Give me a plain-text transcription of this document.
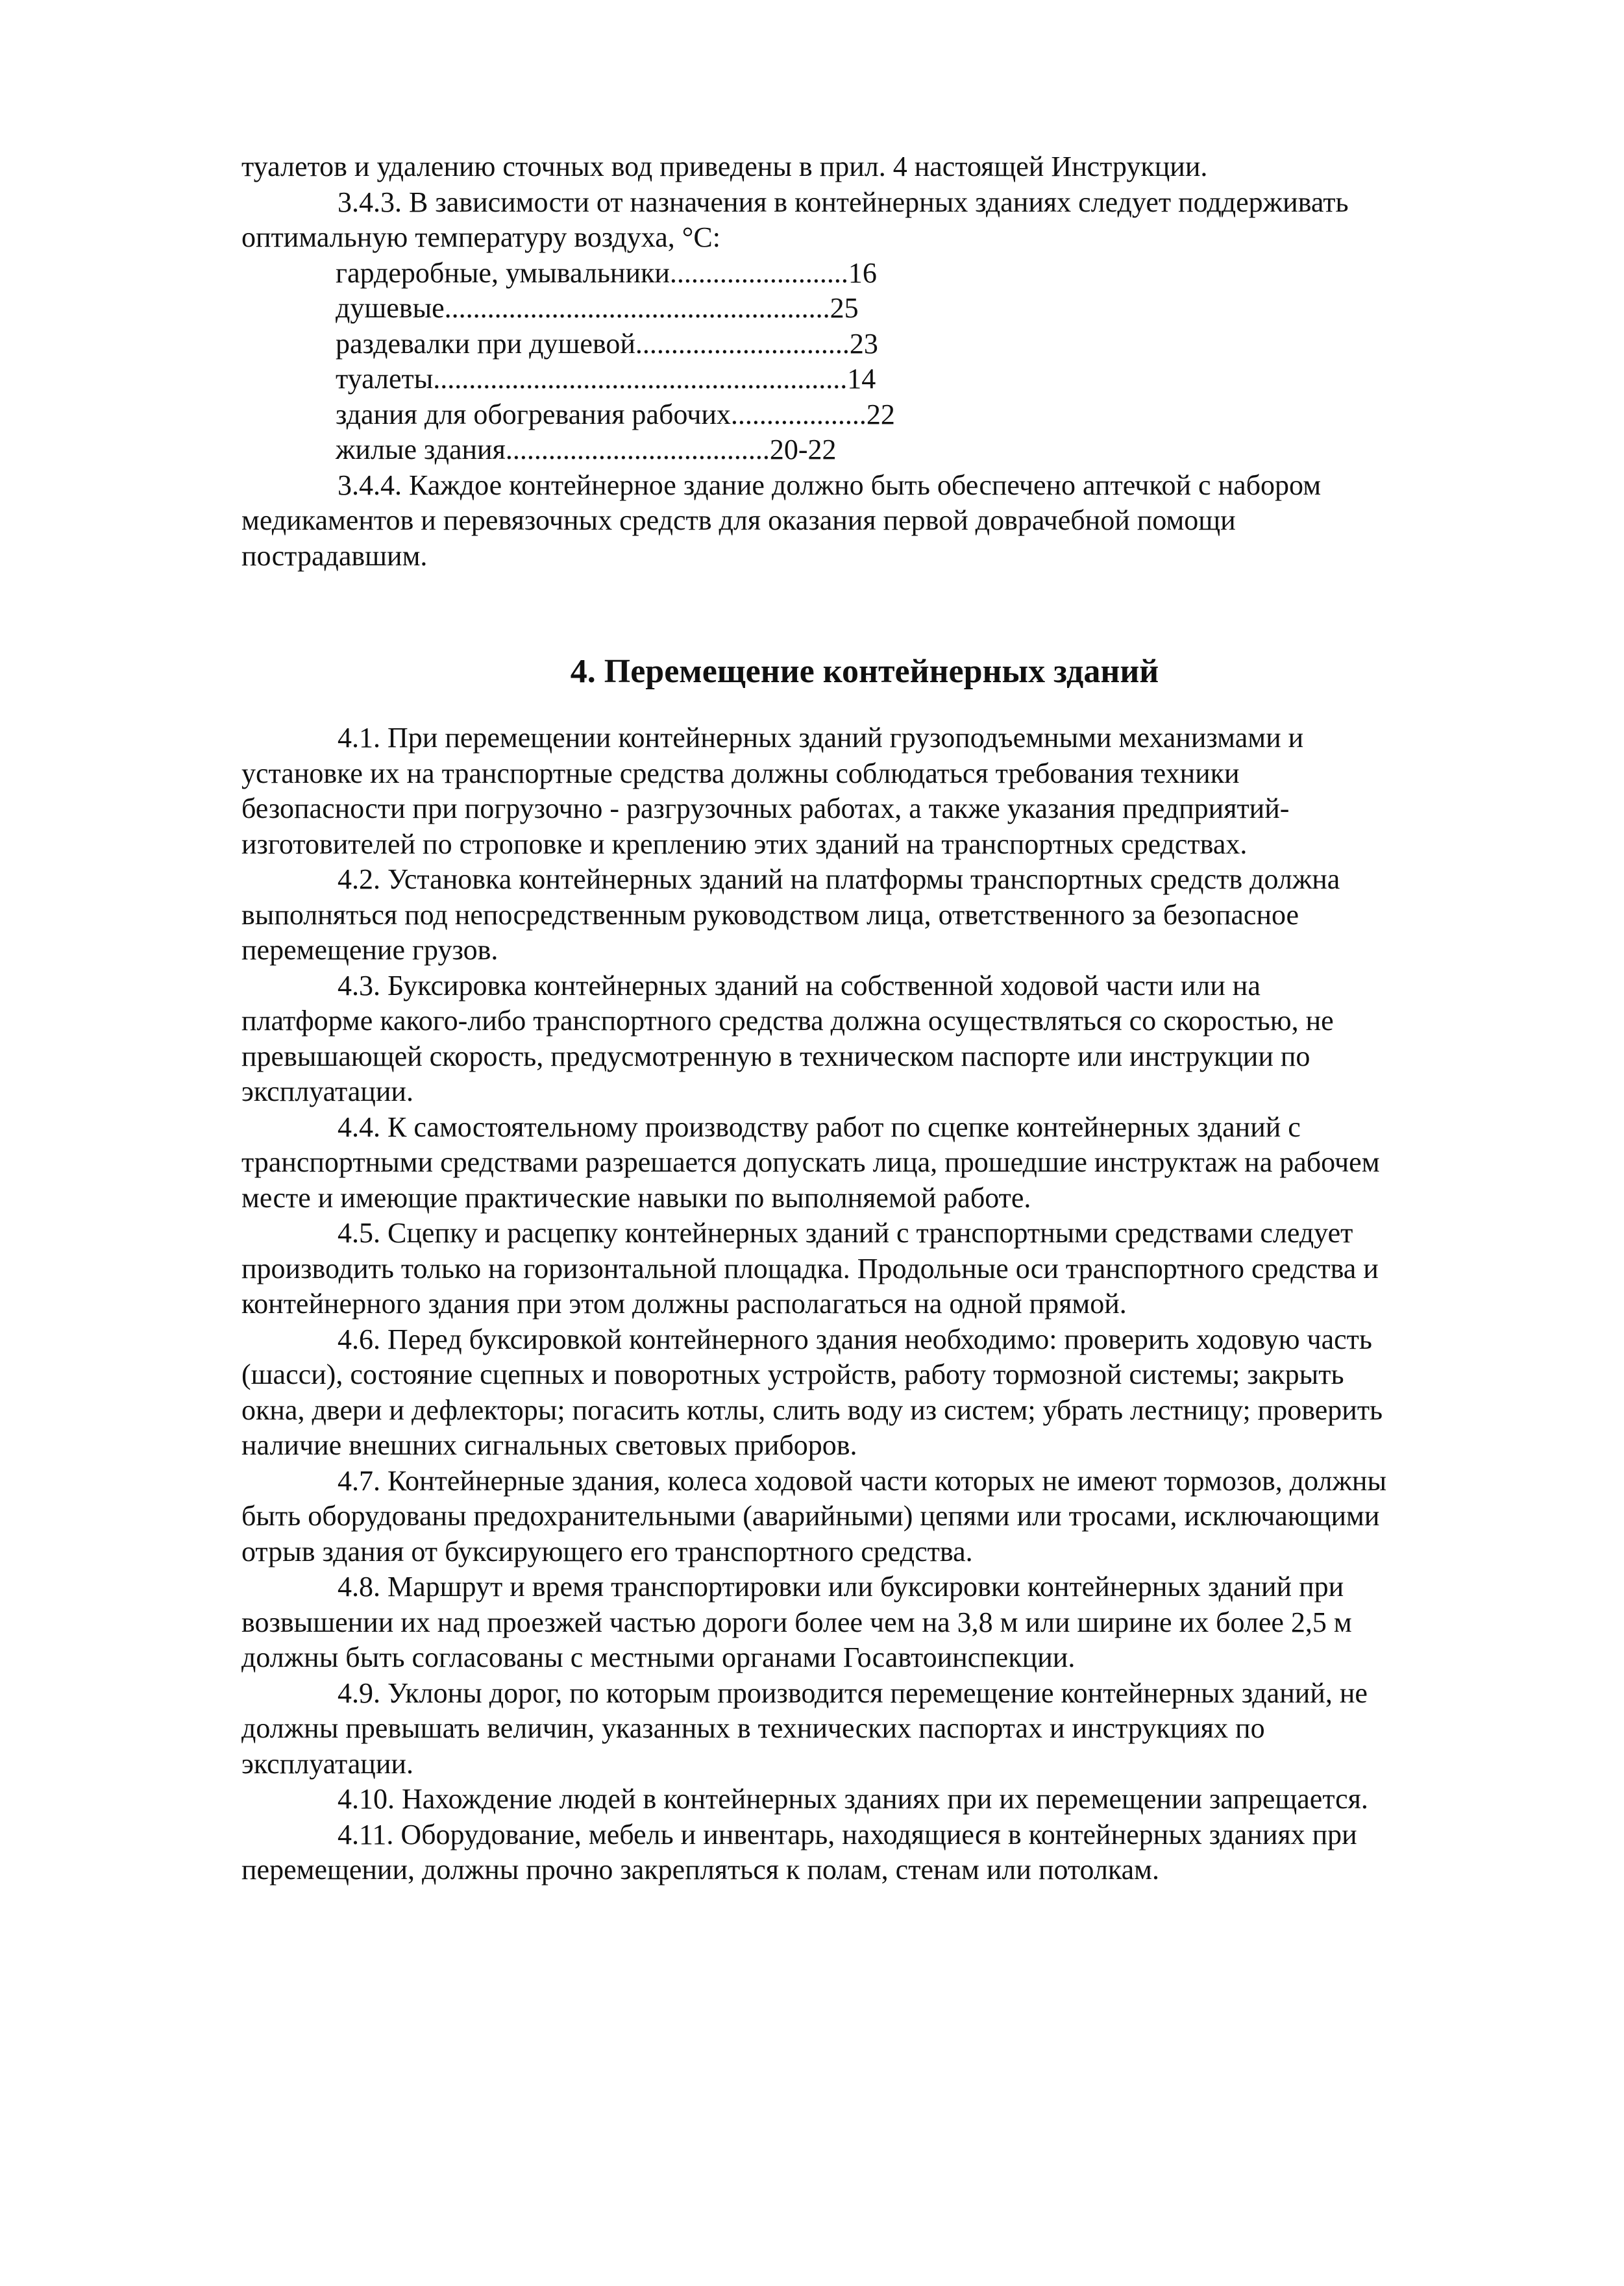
туалетов и удалению сточных вод приведены в прил. 4 настоящей Инструкции.

3.4.3. В зависимости от назначения в контейнерных зданиях следует поддерживать

оптимальную температуру воздуха, °С:

гардеробные, умывальники.........................16
душевые......................................................25
раздевалки при душевой..............................23
туалеты..........................................................14
здания для обогревания рабочих...................22
жилые здания.....................................20-22

3.4.4. Каждое контейнерное здание должно быть обеспечено аптечкой с набором

медикаментов и перевязочных средств для оказания первой доврачебной помощи

пострадавшим.

4. Перемещение контейнерных зданий

4.1. При перемещении контейнерных зданий грузоподъемными механизмами и

установке их на транспортные средства должны соблюдаться требования техники

безопасности при погрузочно - разгрузочных работах, а также указания предприятий-

изготовителей по строповке и креплению этих зданий на транспортных средствах.

4.2. Установка контейнерных зданий на платформы транспортных средств должна

выполняться под непосредственным руководством лица, ответственного за безопасное

перемещение грузов.

4.3. Буксировка контейнерных зданий на собственной ходовой части или на

платформе какого-либо транспортного средства должна осуществляться со скоростью, не

превышающей скорость, предусмотренную в техническом паспорте или инструкции по

эксплуатации.

4.4. К самостоятельному производству работ по сцепке контейнерных зданий с

транспортными средствами разрешается допускать лица, прошедшие инструктаж на рабочем

месте и имеющие практические навыки по выполняемой работе.

4.5. Сцепку и расцепку контейнерных зданий с транспортными средствами следует

производить только на горизонтальной площадка. Продольные оси транспортного средства и

контейнерного здания при этом должны располагаться на одной прямой.

4.6. Перед буксировкой контейнерного здания необходимо: проверить ходовую часть

(шасси), состояние сцепных и поворотных устройств, работу тормозной системы; закрыть

окна, двери и дефлекторы; погасить котлы, слить воду из систем; убрать лестницу; проверить

наличие внешних сигнальных световых приборов.

4.7. Контейнерные здания, колеса ходовой части которых не имеют тормозов, должны

быть оборудованы предохранительными (аварийными) цепями или тросами, исключающими

отрыв здания от буксирующего его транспортного средства.

4.8. Маршрут и время транспортировки или буксировки контейнерных зданий при

возвышении их над проезжей частью дороги более чем на 3,8 м или ширине их более 2,5 м

должны быть согласованы с местными органами Госавтоинспекции.

4.9. Уклоны дорог, по которым производится перемещение контейнерных зданий, не

должны превышать величин, указанных в технических паспортах и инструкциях по

эксплуатации.

4.10. Нахождение людей в контейнерных зданиях при их перемещении запрещается.

4.11. Оборудование, мебель и инвентарь, находящиеся в контейнерных зданиях при

перемещении, должны прочно закрепляться к полам, стенам или потолкам.
